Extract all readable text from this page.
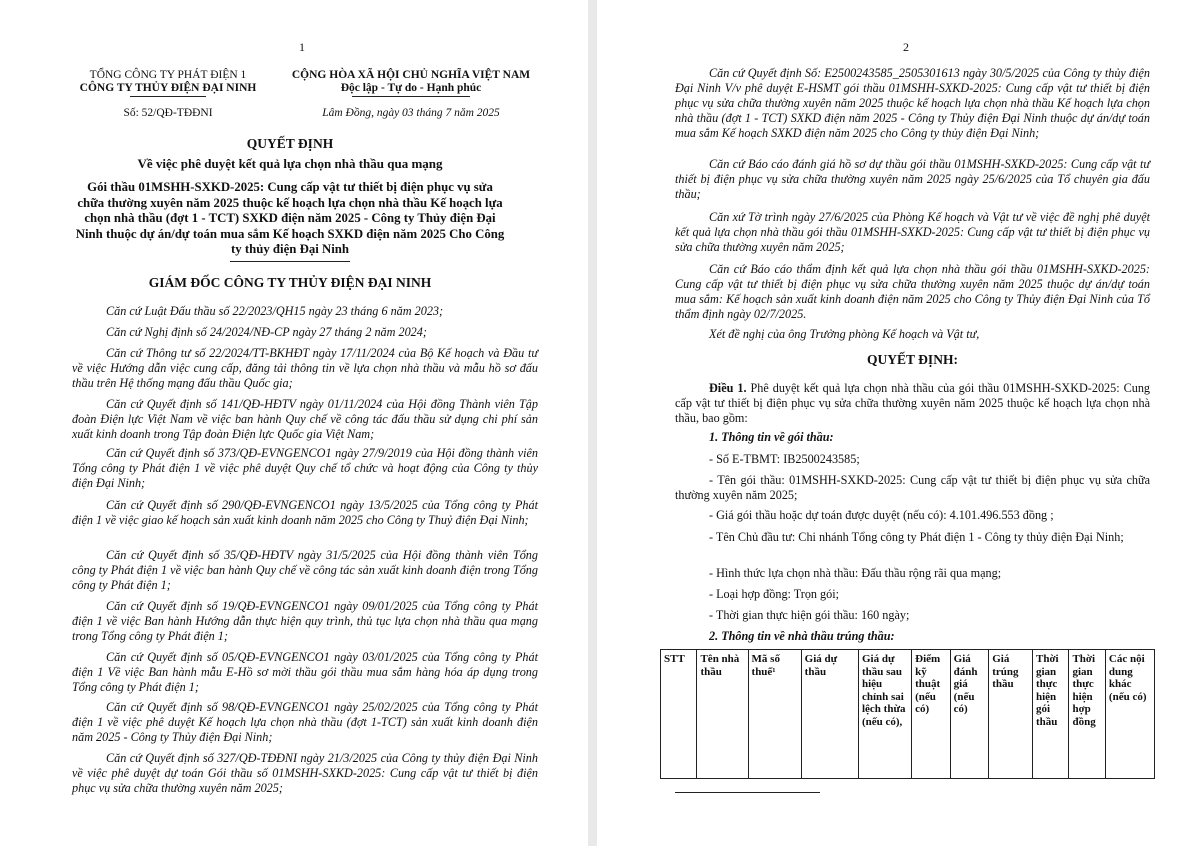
1
TỔNG CÔNG TY PHÁT ĐIỆN 1
CÔNG TY THỦY ĐIỆN ĐẠI NINH
Số: 52/QĐ-TĐĐNI
CỘNG HÒA XÃ HỘI CHỦ NGHĨA VIỆT NAM
Độc lập - Tự do - Hạnh phúc
Lâm Đồng, ngày 03 tháng 7 năm 2025
QUYẾT ĐỊNH
Về việc phê duyệt kết quả lựa chọn nhà thầu qua mạng
Gói thầu 01MSHH-SXKD-2025: Cung cấp vật tư thiết bị điện phục vụ sửa chữa thường xuyên năm 2025 thuộc kế hoạch lựa chọn nhà thầu Kế hoạch lựa chọn nhà thầu (đợt 1 - TCT) SXKD điện năm 2025 - Công ty Thủy điện Đại Ninh thuộc dự án/dự toán mua sắm Kế hoạch SXKD điện năm 2025 Cho Công ty thủy điện Đại Ninh
GIÁM ĐỐC CÔNG TY THỦY ĐIỆN ĐẠI NINH
Căn cứ Luật Đấu thầu số 22/2023/QH15 ngày 23 tháng 6 năm 2023;
Căn cứ Nghị định số 24/2024/NĐ-CP ngày 27 tháng 2 năm 2024;
Căn cứ Thông tư số 22/2024/TT-BKHĐT ngày 17/11/2024 của Bộ Kế hoạch và Đầu tư về việc Hướng dẫn việc cung cấp, đăng tải thông tin về lựa chọn nhà thầu và mẫu hồ sơ đấu thầu trên Hệ thống mạng đấu thầu Quốc gia;
Căn cứ Quyết định số 141/QĐ-HĐTV ngày 01/11/2024 của Hội đồng Thành viên Tập đoàn Điện lực Việt Nam về việc ban hành Quy chế về công tác đấu thầu sử dụng chi phí sản xuất kinh doanh trong Tập đoàn Điện lực Quốc gia Việt Nam;
Căn cứ Quyết định số 373/QĐ-EVNGENCO1 ngày 27/9/2019 của Hội đồng thành viên Tổng công ty Phát điện 1 về việc phê duyệt Quy chế tổ chức và hoạt động của Công ty thủy điện Đại Ninh;
Căn cứ Quyết định số 290/QĐ-EVNGENCO1 ngày 13/5/2025 của Tổng công ty Phát điện 1 về việc giao kế hoạch sản xuất kinh doanh năm 2025 cho Công ty Thuỷ điện Đại Ninh;
Căn cứ Quyết định số 35/QĐ-HĐTV ngày 31/5/2025 của Hội đồng thành viên Tổng công ty Phát điện 1 về việc ban hành Quy chế về công tác sản xuất kinh doanh điện trong Tổng công ty Phát điện 1;
Căn cứ Quyết định số 19/QĐ-EVNGENCO1 ngày 09/01/2025 của Tổng công ty Phát điện 1 về việc Ban hành Hướng dẫn thực hiện quy trình, thủ tục lựa chọn nhà thầu qua mạng trong Tổng công ty Phát điện 1;
Căn cứ Quyết định số 05/QĐ-EVNGENCO1 ngày 03/01/2025 của Tổng công ty Phát điện 1 Về việc Ban hành mẫu E-Hồ sơ mời thầu gói thầu mua sắm hàng hóa áp dụng trong Tổng công ty Phát điện 1;
Căn cứ Quyết định số 98/QĐ-EVNGENCO1 ngày 25/02/2025 của Tổng công ty Phát điện 1 về việc phê duyệt Kế hoạch lựa chọn nhà thầu (đợt 1-TCT) sản xuất kinh doanh điện năm 2025 - Công ty Thủy điện Đại Ninh;
Căn cứ Quyết định số 327/QĐ-TĐĐNI ngày 21/3/2025 của Công ty thủy điện Đại Ninh về việc phê duyệt dự toán Gói thầu số 01MSHH-SXKD-2025: Cung cấp vật tư thiết bị điện phục vụ sửa chữa thường xuyên năm 2025;
2
Căn cứ Quyết định Số: E2500243585_2505301613 ngày 30/5/2025 của Công ty thủy điện Đại Ninh V/v phê duyệt E-HSMT gói thầu 01MSHH-SXKD-2025: Cung cấp vật tư thiết bị điện phục vụ sửa chữa thường xuyên năm 2025 thuộc kế hoạch lựa chọn nhà thầu Kế hoạch lựa chọn nhà thầu (đợt 1 - TCT) SXKD điện năm 2025 - Công ty Thủy điện Đại Ninh thuộc dự án/dự toán mua sắm Kế hoạch SXKD điện năm 2025 cho Công ty thủy điện Đại Ninh;
Căn cứ Báo cáo đánh giá hồ sơ dự thầu gói thầu 01MSHH-SXKD-2025: Cung cấp vật tư thiết bị điện phục vụ sửa chữa thường xuyên năm 2025 ngày 25/6/2025 của Tổ chuyên gia đấu thầu;
Căn xứ Tờ trình ngày 27/6/2025 của Phòng Kế hoạch và Vật tư về việc đề nghị phê duyệt kết quả lựa chọn nhà thầu gói thầu 01MSHH-SXKD-2025: Cung cấp vật tư thiết bị điện phục vụ sửa chữa thường xuyên năm 2025;
Căn cứ Báo cáo thẩm định kết quả lựa chọn nhà thầu gói thầu 01MSHH-SXKD-2025: Cung cấp vật tư thiết bị điện phục vụ sửa chữa thường xuyên năm 2025 thuộc dự án/dự toán mua sắm: Kế hoạch sản xuất kinh doanh điện năm 2025 cho Công ty Thủy điện Đại Ninh của Tổ thẩm định ngày 02/7/2025.
Xét đề nghị của ông Trưởng phòng Kế hoạch và Vật tư,
QUYẾT ĐỊNH:
Điều 1. Phê duyệt kết quả lựa chọn nhà thầu của gói thầu 01MSHH-SXKD-2025: Cung cấp vật tư thiết bị điện phục vụ sửa chữa thường xuyên năm 2025 thuộc kế hoạch lựa chọn nhà thầu, bao gồm:
1. Thông tin về gói thầu:
- Số E-TBMT: IB2500243585;
- Tên gói thầu: 01MSHH-SXKD-2025: Cung cấp vật tư thiết bị điện phục vụ sửa chữa thường xuyên năm 2025;
- Giá gói thầu hoặc dự toán được duyệt (nếu có): 4.101.496.553 đồng ;
- Tên Chủ đầu tư: Chi nhánh Tổng công ty Phát điện 1 - Công ty thủy điện Đại Ninh;
- Hình thức lựa chọn nhà thầu: Đấu thầu rộng rãi qua mạng;
- Loại hợp đồng: Trọn gói;
- Thời gian thực hiện gói thầu: 160 ngày;
2. Thông tin về nhà thầu trúng thầu:
STT	Tên nhà thầu	Mã số thuế¹	Giá dự thầu	Giá dự thầu sau hiệu chỉnh sai lệch thừa (nếu có),	Điểm kỹ thuật (nếu có)	Giá đánh giá (nếu có)	Giá trúng thầu	Thời gian thực hiện gói thầu	Thời gian thực hiện hợp đồng	Các nội dung khác (nếu có)
